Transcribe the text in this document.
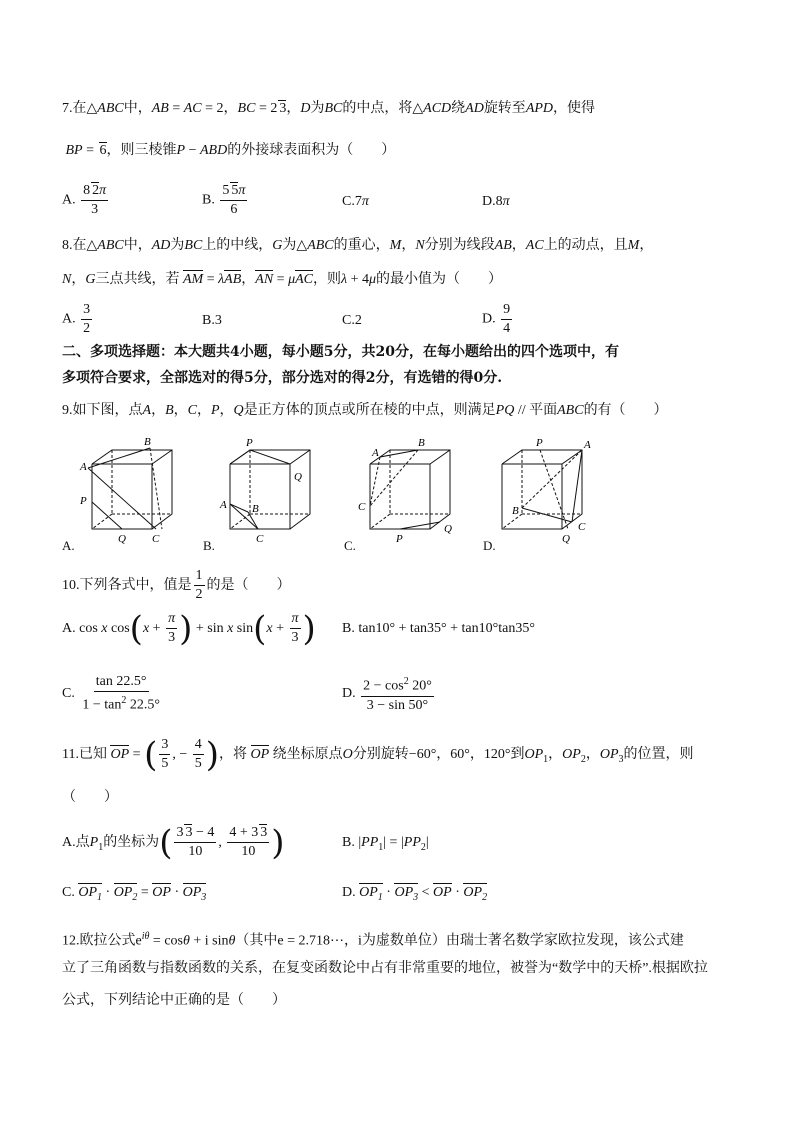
7.在△ABC中，AB = AC = 2，BC = 2 3，D为BC的中点，将△ACD绕AD旋转至APD，使得
BP = 6，则三棱锥P − ABD的外接球表面积为（　　）
A. $\frac{8 2\pi}{3}$	B. $\frac{5 5\pi}{6}$	C.7π	D.8π
8.在△ABC中，AD为BC上的中线，G为△ABC的重心，M，N分别为线段AB，AC上的动点，且M，
N，G三点共线，若 AM = λAB，AN = μAC，则λ + 4μ的最小值为（　　）
A. $\frac{3}{2}$	B.3	C.2	D. $\frac{9}{4}$
二、多项选择题：本大题共4小题，每小题5分，共20分，在每小题给出的四个选项中，有
多项符合要求，全部选对的得5分，部分选对的得2分，有选错的得0分.
9.如下图，点A，B，C，P，Q是正方体的顶点或所在棱的中点，则满足PQ // 平面ABC的有（　　）
B
A
P
Q C
A.
P
Q
A B
C
B.
A
B
C
P
Q
C.
P	A
B
C
Q
D.
10.下列各式中，值是 $\frac{1}{2}$ 的是（　　）
A. cos x $\cos(x + \frac{\pi}{3}$ ) + sin x $\sin(x + \frac{\pi}{3}$ ) B. tan10° + tan35° + tan10°tan35°
C. $\frac{\tan 22.5^\circ}{1 - \tan^2 22.5^\circ}$	D. $\frac{2 - \cos^2 20^\circ}{3 - \sin 50^\circ}$
11.已知 OP = ( $\frac{3}{5}$ , − $\frac{4}{5}$ )，将 OP 绕坐标原点O分别旋转−60°，60°，120°到$OP_1$，$OP_2$，$OP_3$的位置，则
（　　）
A.点$P_1$的坐标为( $\frac{3 3 - 4}{10}$ , $\frac{4 + 3 3}{10}$ )	B. $|PP_1| = |PP_2|$
C. $OP_1 \cdot OP_2$ = OP · $OP_3$	D. $OP_1 \cdot OP_3$ < OP · $OP_2$
12.欧拉公式$e^{i\theta} = \cos\theta + i$ sinθ（其中e = 2.718⋯，i为虚数单位）由瑞士著名数学家欧拉发现，该公式建
立了三角函数与指数函数的关系，在复变函数论中占有非常重要的地位，被誉为“数学中的天桥”.根据欧拉
公式，下列结论中正确的是（　　）
